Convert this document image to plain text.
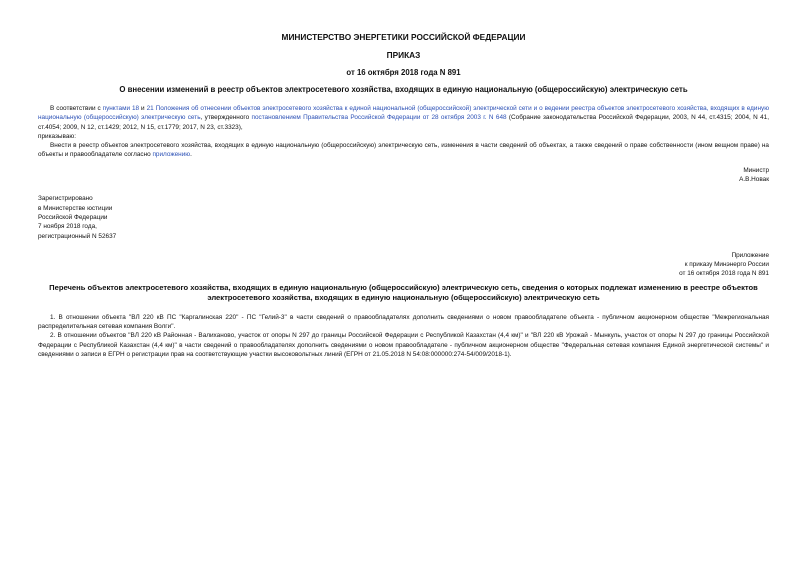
МИНИСТЕРСТВО ЭНЕРГЕТИКИ РОССИЙСКОЙ ФЕДЕРАЦИИ
ПРИКАЗ
от 16 октября 2018 года N 891
О внесении изменений в реестр объектов электросетевого хозяйства, входящих в единую национальную (общероссийскую) электрическую сеть

В соответствии с пунктами 18 и 21 Положения об отнесении объектов электросетевого хозяйства к единой национальной (общероссийской) электрической сети и о ведении реестра объектов электросетевого хозяйства, входящих в единую национальную (общероссийскую) электрическую сеть, утвержденного постановлением Правительства Российской Федерации от 28 октября 2003 г. N 648 (Собрание законодательства Российской Федерации, 2003, N 44, ст.4315; 2004, N 41, ст.4054; 2009, N 12, ст.1429; 2012, N 15, ст.1779; 2017, N 23, ст.3323),

приказываю:

Внести в реестр объектов электросетевого хозяйства, входящих в единую национальную (общероссийскую) электрическую сеть, изменения в части сведений об объектах, а также сведений о праве собственности (ином вещном праве) на объекты и правообладателе согласно приложению.

Министр

А.В.Новак

Зарегистрировано

в Министерстве юстиции

Российской Федерации

7 ноября 2018 года,

регистрационный N 52637

Приложение

к приказу Минэнерго России

от 16 октября 2018 года N 891

Перечень объектов электросетевого хозяйства, входящих в единую национальную (общероссийскую) электрическую сеть, сведения о которых подлежат изменению в реестре объектов электросетевого хозяйства, входящих в единую национальную (общероссийскую) электрическую сеть

1. В отношении объекта "ВЛ 220 кВ ПС "Каргалинская 220" - ПС "Гелий-3" в части сведений о правообладателях дополнить сведениями о новом правообладателе объекта - публичном акционерном обществе "Межрегиональная распределительная сетевая компания Волги".

2. В отношении объектов "ВЛ 220 кВ Районная - Валиханово, участок от опоры N 297 до границы Российской Федерации с Республикой Казахстан (4,4 км)" и "ВЛ 220 кВ Урожай - Мынкуль, участок от опоры N 297 до границы Российской Федерации с Республикой Казахстан (4,4 км)" в части сведений о правообладателях дополнить сведениями о новом правообладателе - публичном акционерном обществе "Федеральная сетевая компания Единой энергетической системы" и сведениями о записи в ЕГРН о регистрации прав на соответствующие участки высоковольтных линий (ЕГРН от 21.05.2018 N 54:08:000000:274-54/009/2018-1).
